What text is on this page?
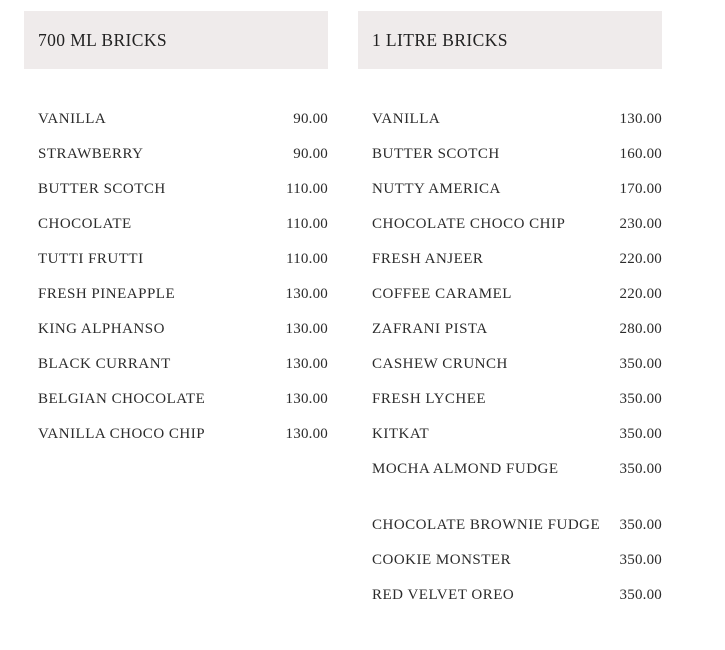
700 ML BRICKS
VANILLA	90.00
STRAWBERRY	90.00
BUTTER SCOTCH	110.00
CHOCOLATE	110.00
TUTTI FRUTTI	110.00
FRESH PINEAPPLE	130.00
KING ALPHANSO	130.00
BLACK CURRANT	130.00
BELGIAN CHOCOLATE	130.00
VANILLA CHOCO CHIP	130.00
1 LITRE BRICKS
VANILLA	130.00
BUTTER SCOTCH	160.00
NUTTY AMERICA	170.00
CHOCOLATE CHOCO CHIP	230.00
FRESH ANJEER	220.00
COFFEE CARAMEL	220.00
ZAFRANI PISTA	280.00
CASHEW CRUNCH	350.00
FRESH LYCHEE	350.00
KITKAT	350.00
MOCHA ALMOND FUDGE	350.00
CHOCOLATE BROWNIE FUDGE 350.00
COOKIE MONSTER	350.00
RED VELVET OREO	350.00
